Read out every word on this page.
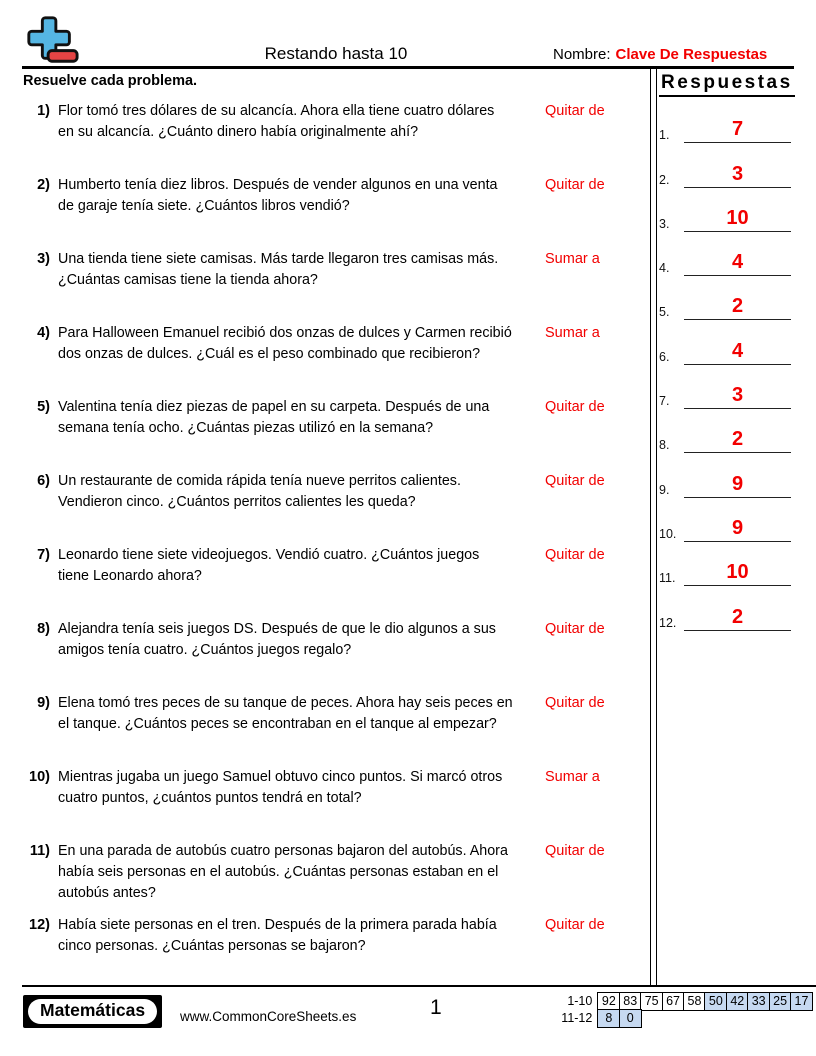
Restando hasta 10	Nombre: Clave De Respuestas
Resuelve cada problema.
1) Flor tomó tres dólares de su alcancía. Ahora ella tiene cuatro dólares en su alcancía. ¿Cuánto dinero había originalmente ahí?
Quitar de
2) Humberto tenía diez libros. Después de vender algunos en una venta de garaje tenía siete. ¿Cuántos libros vendió?
Quitar de
3) Una tienda tiene siete camisas. Más tarde llegaron tres camisas más. ¿Cuántas camisas tiene la tienda ahora?
Sumar a
4) Para Halloween Emanuel recibió dos onzas de dulces y Carmen recibió dos onzas de dulces. ¿Cuál es el peso combinado que recibieron?
Sumar a
5) Valentina tenía diez piezas de papel en su carpeta. Después de una semana tenía ocho. ¿Cuántas piezas utilizó en la semana?
Quitar de
6) Un restaurante de comida rápida tenía nueve perritos calientes. Vendieron cinco. ¿Cuántos perritos calientes les queda?
Quitar de
7) Leonardo tiene siete videojuegos. Vendió cuatro. ¿Cuántos juegos tiene Leonardo ahora?
Quitar de
8) Alejandra tenía seis juegos DS. Después de que le dio algunos a sus amigos tenía cuatro. ¿Cuántos juegos regalo?
Quitar de
9) Elena tomó tres peces de su tanque de peces. Ahora hay seis peces en el tanque. ¿Cuántos peces se encontraban en el tanque al empezar?
Quitar de
10) Mientras jugaba un juego Samuel obtuvo cinco puntos. Si marcó otros cuatro puntos, ¿cuántos puntos tendrá en total?
Sumar a
11) En una parada de autobús cuatro personas bajaron del autobús. Ahora había seis personas en el autobús. ¿Cuántas personas estaban en el autobús antes?
Quitar de
12) Había siete personas en el tren. Después de la primera parada había cinco personas. ¿Cuántas personas se bajaron?
Quitar de
Respuestas
1.	7
2.	3
3.	10
4.	4
5.	2
6.	4
7.	3
8.	2
9.	9
10.	9
11.	10
12.	2
Matemáticas	www.CommonCoreSheets.es	1	1-10 92 83 75 67 58 50 42 33 25 17
11-12	8	0
